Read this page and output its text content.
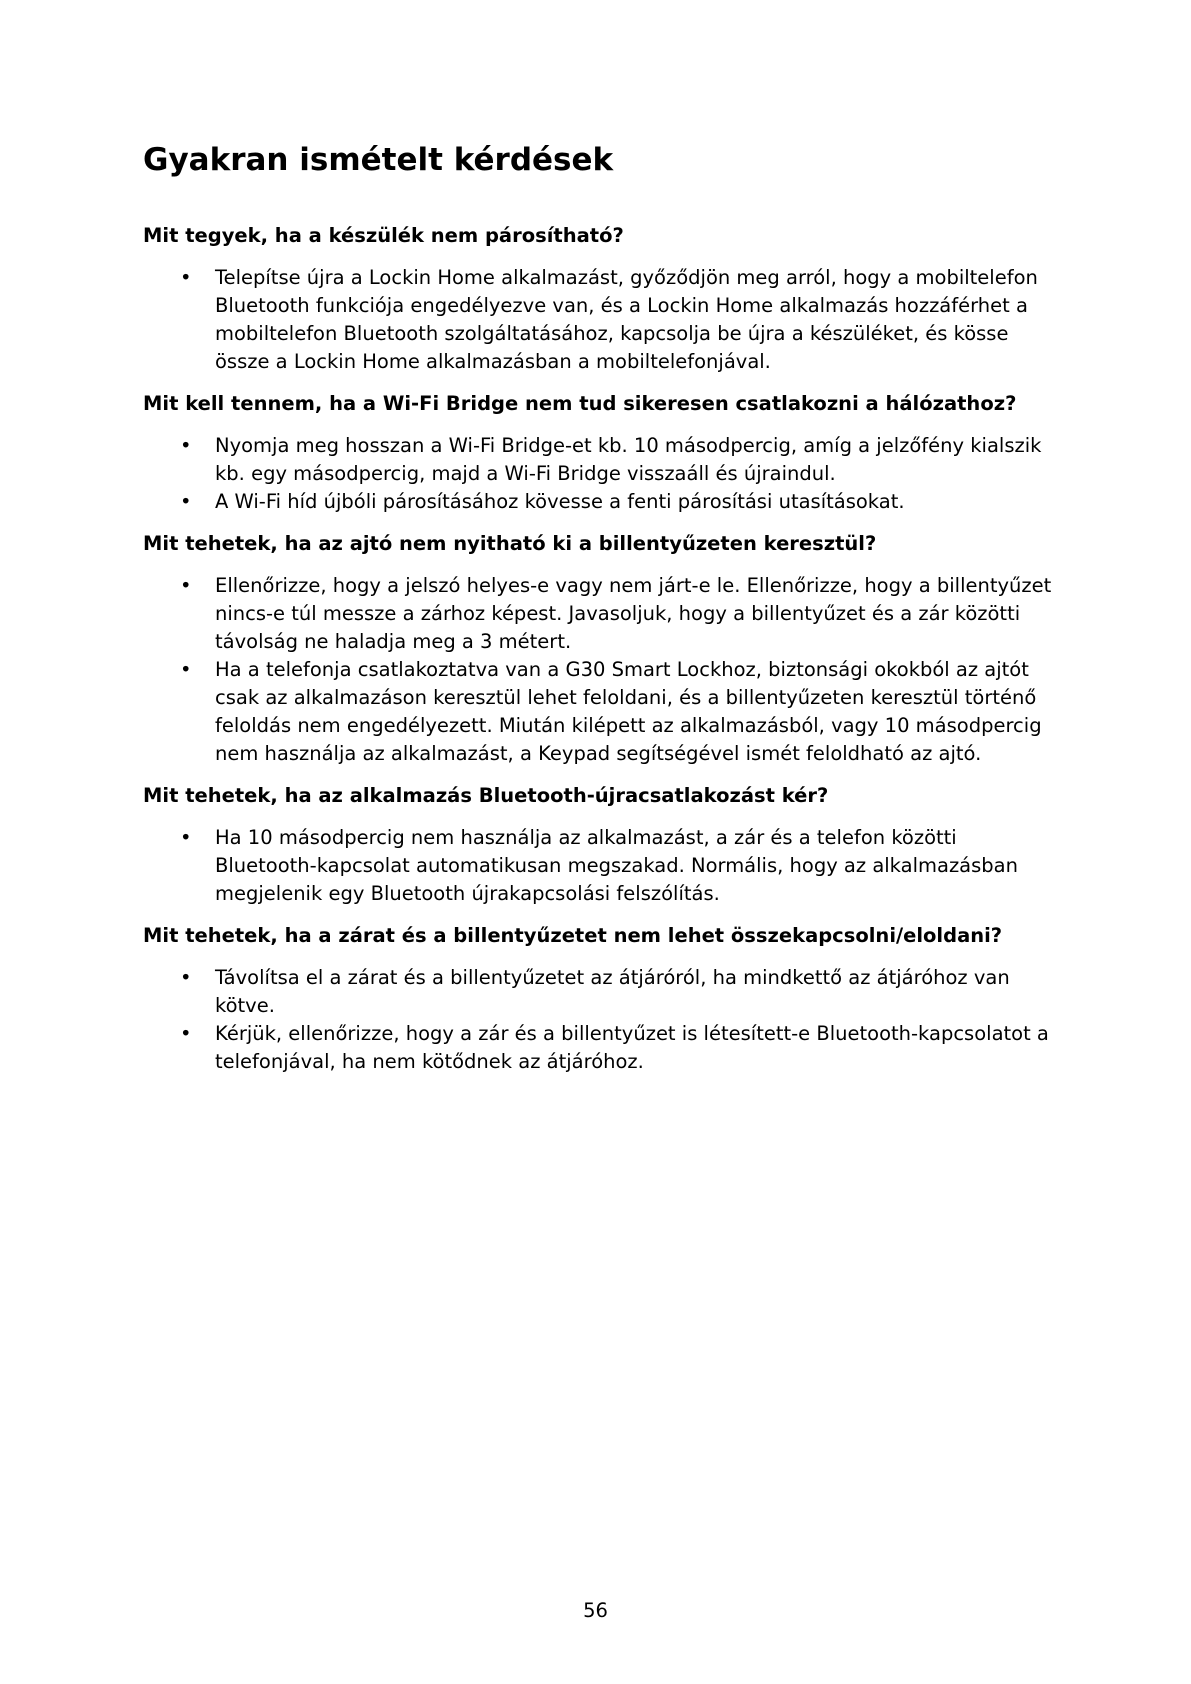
Gyakran ismételt kérdések
Mit tegyek, ha a készülék nem párosítható?
• Telepítse újra a Lockin Home alkalmazást, győződjön meg arról, hogy a mobiltelefon Bluetooth funkciója engedélyezve van, és a Lockin Home alkalmazás hozzáférhet a mobiltelefon Bluetooth szolgáltatásához, kapcsolja be újra a készüléket, és kösse össze a Lockin Home alkalmazásban a mobiltelefonjával.
Mit kell tennem, ha a Wi-Fi Bridge nem tud sikeresen csatlakozni a hálózathoz?
• Nyomja meg hosszan a Wi-Fi Bridge-et kb. 10 másodpercig, amíg a jelzőfény kialszik kb. egy másodpercig, majd a Wi-Fi Bridge visszaáll és újraindul.
• A Wi-Fi híd újbóli párosításához kövesse a fenti párosítási utasításokat.
Mit tehetek, ha az ajtó nem nyitható ki a billentyűzeten keresztül?
• Ellenőrizze, hogy a jelszó helyes-e vagy nem járt-e le. Ellenőrizze, hogy a billentyűzet nincs-e túl messze a zárhoz képest. Javasoljuk, hogy a billentyűzet és a zár közötti távolság ne haladja meg a 3 métert.
• Ha a telefonja csatlakoztatva van a G30 Smart Lockhoz, biztonsági okokból az ajtót csak az alkalmazáson keresztül lehet feloldani, és a billentyűzeten keresztül történő feloldás nem engedélyezett. Miután kilépett az alkalmazásból, vagy 10 másodpercig nem használja az alkalmazást, a Keypad segítségével ismét feloldható az ajtó.
Mit tehetek, ha az alkalmazás Bluetooth-újracsatlakozást kér?
• Ha 10 másodpercig nem használja az alkalmazást, a zár és a telefon közötti Bluetooth-kapcsolat automatikusan megszakad. Normális, hogy az alkalmazásban megjelenik egy Bluetooth újrakapcsolási felszólítás.
Mit tehetek, ha a zárat és a billentyűzetet nem lehet összekapcsolni/eloldani?
• Távolítsa el a zárat és a billentyűzetet az átjáróról, ha mindkettő az átjáróhoz van kötve.
• Kérjük, ellenőrizze, hogy a zár és a billentyűzet is létesített-e Bluetooth-kapcsolatot a telefonjával, ha nem kötődnek az átjáróhoz.
56
